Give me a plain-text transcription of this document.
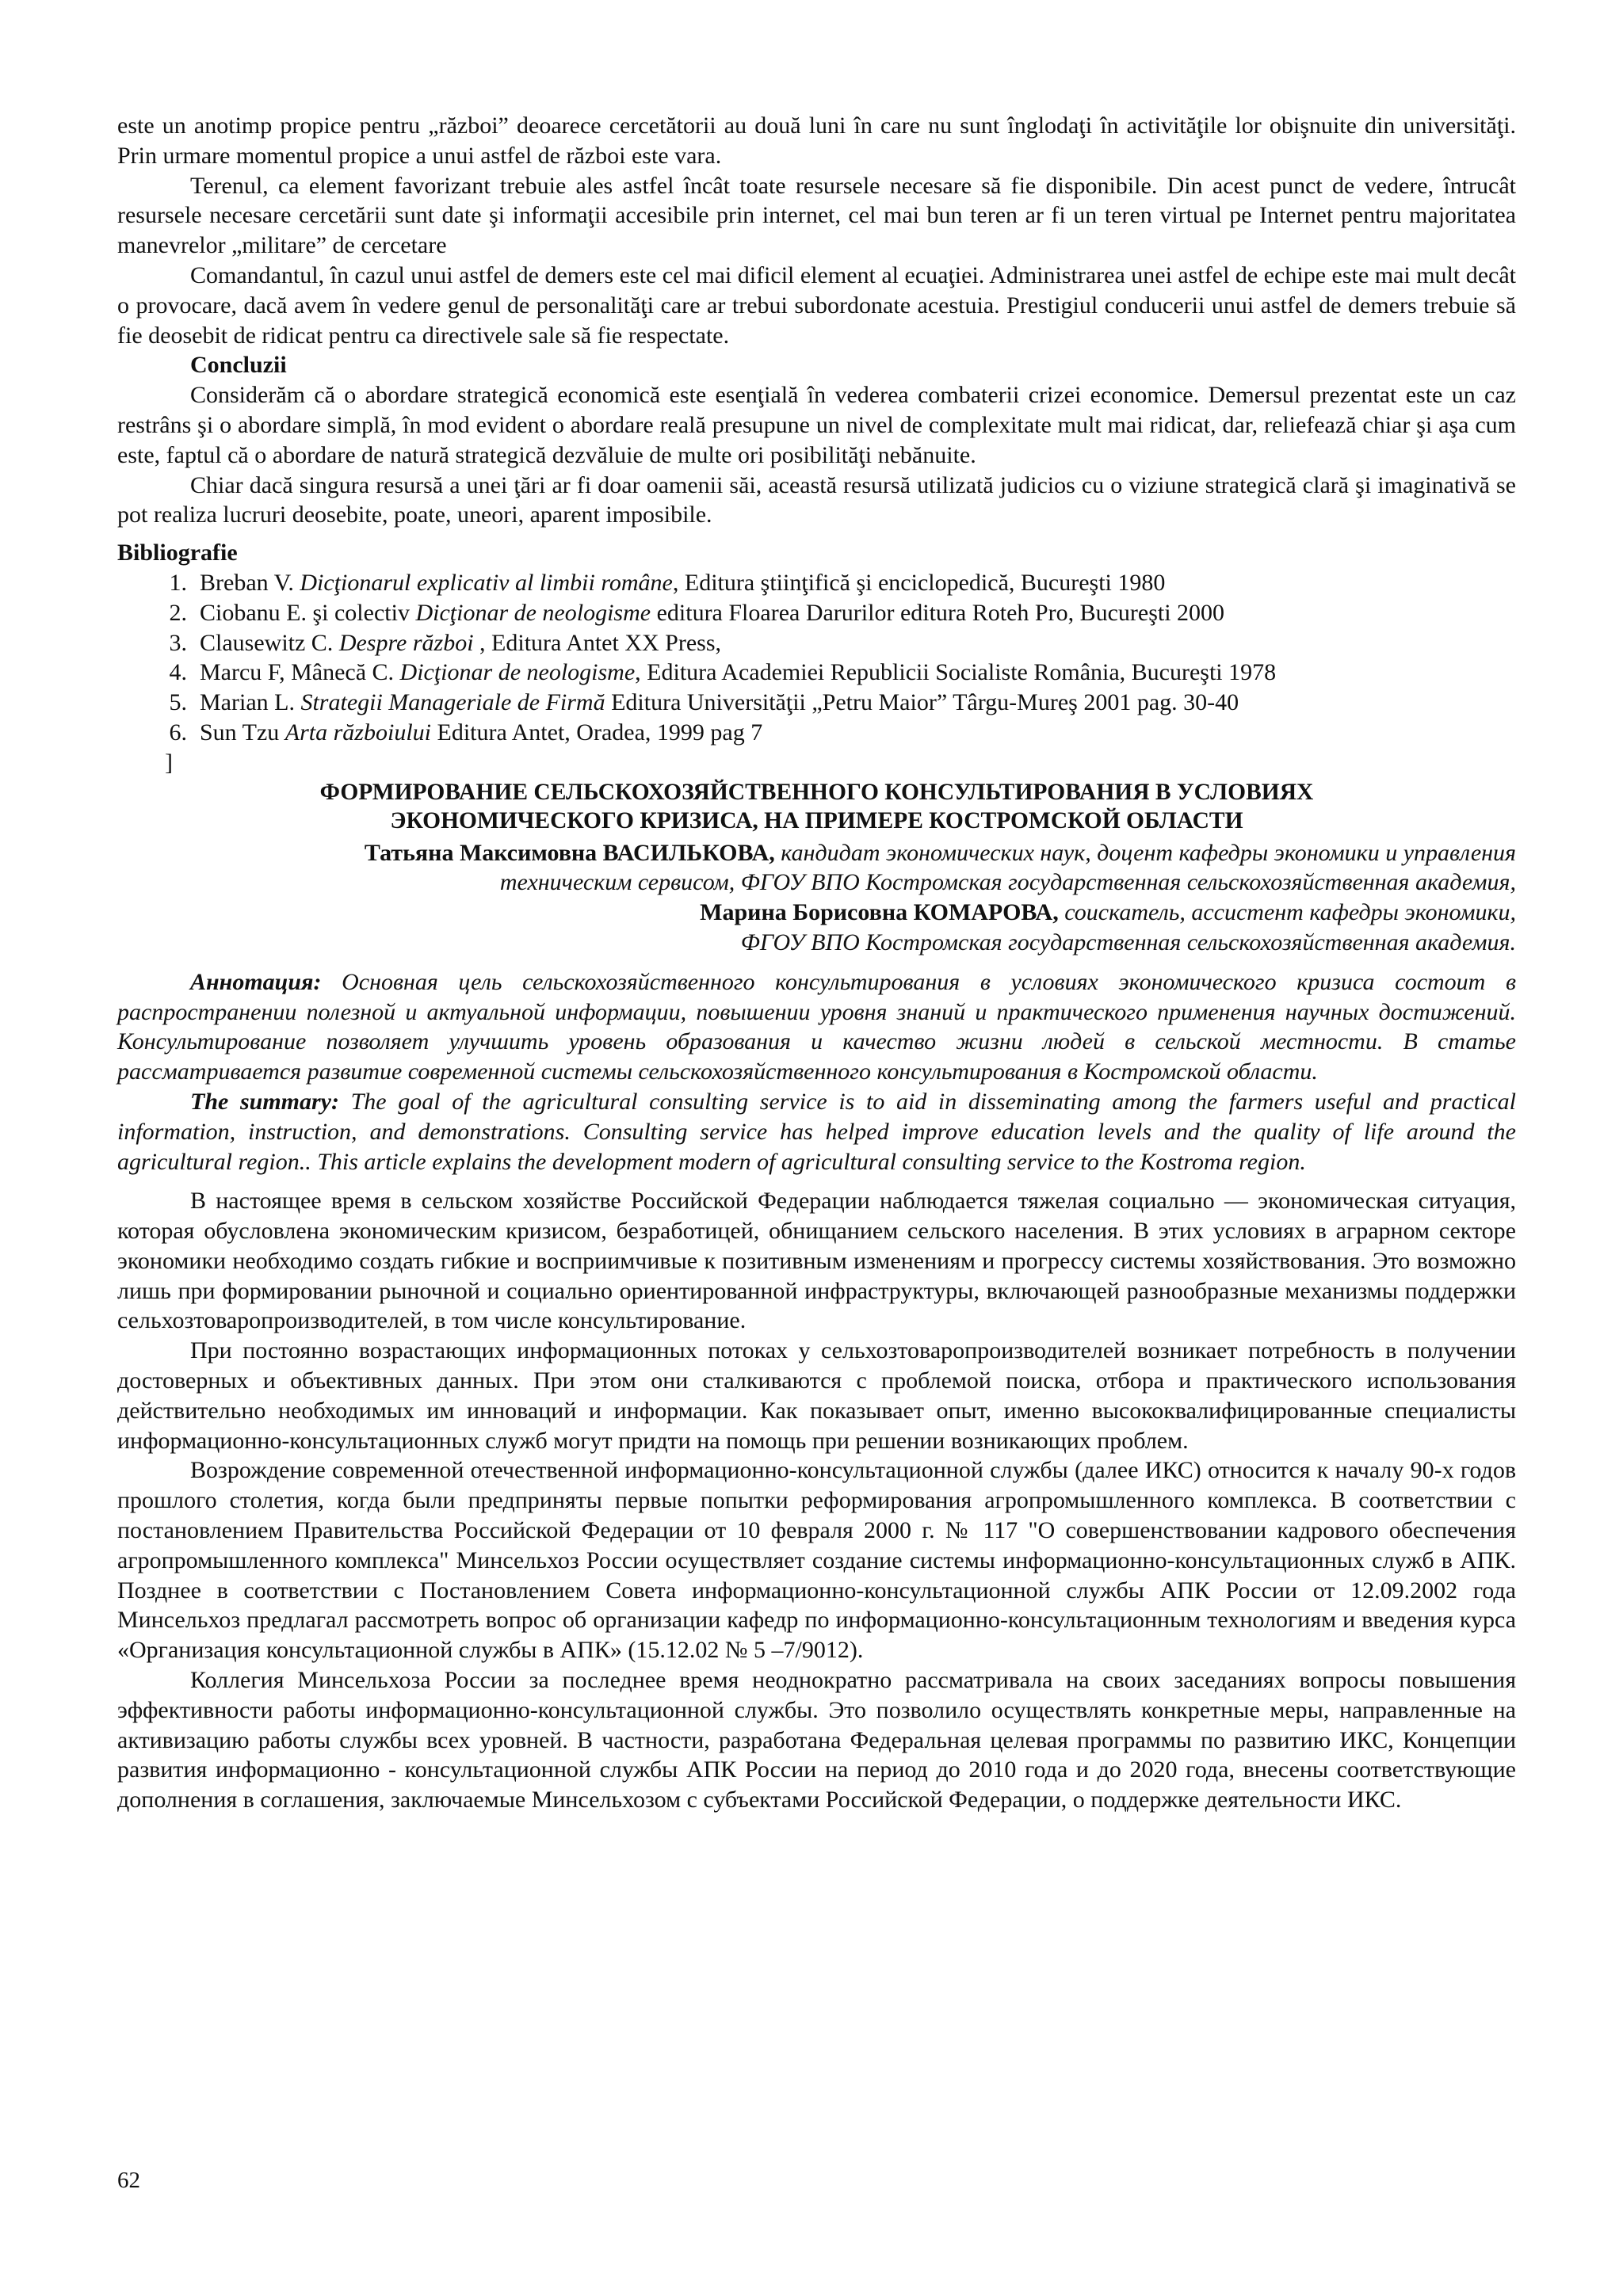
este un anotimp propice pentru „război” deoarece cercetătorii au două luni în care nu sunt înglodaţi în activităţile lor obişnuite din universităţi. Prin urmare momentul propice a unui astfel de război este vara.

Terenul, ca element favorizant trebuie ales astfel încât toate resursele necesare să fie disponibile. Din acest punct de vedere, întrucât resursele necesare cercetării sunt date şi informaţii accesibile prin internet, cel mai bun teren ar fi un teren virtual pe Internet pentru majoritatea manevrelor „militare” de cercetare

Comandantul, în cazul unui astfel de demers este cel mai dificil element al ecuaţiei. Administrarea unei astfel de echipe este mai mult decât o provocare, dacă avem în vedere genul de personalităţi care ar trebui subordonate acestuia. Prestigiul conducerii unui astfel de demers trebuie să fie deosebit de ridicat pentru ca directivele sale să fie respectate.

Concluzii

Considerăm că o abordare strategică economică este esenţială în vederea combaterii crizei economice. Demersul prezentat este un caz restrâns şi o abordare simplă, în mod evident o abordare reală presupune un nivel de complexitate mult mai ridicat, dar, reliefează chiar şi aşa cum este, faptul că o abordare de natură strategică dezvăluie de multe ori posibilităţi nebănuite.

Chiar dacă singura resursă a unei ţări ar fi doar oamenii săi, această resursă utilizată judicios cu o viziune strategică clară şi imaginativă se pot realiza lucruri deosebite, poate, uneori, aparent imposibile.

Bibliografie

1. Breban V. Dicţionarul explicativ al limbii române, Editura ştiinţifică şi enciclopedică, Bucureşti 1980
2. Ciobanu E. şi colectiv Dicţionar de neologisme editura Floarea Darurilor editura Roteh Pro, Bucureşti 2000
3. Clausewitz C. Despre război , Editura Antet XX Press,
4. Marcu F, Mânecă C. Dicţionar de neologisme, Editura Academiei Republicii Socialiste România, Bucureşti 1978
5. Marian L. Strategii Manageriale de Firmă Editura Universităţii „Petru Maior” Târgu-Mureş 2001 pag. 30-40
6. Sun Tzu Arta războiului Editura Antet, Oradea, 1999 pag 7

]

ФОРМИРОВАНИЕ СЕЛЬСКОХОЗЯЙСТВЕННОГО КОНСУЛЬТИРОВАНИЯ В УСЛОВИЯХ
ЭКОНОМИЧЕСКОГО КРИЗИСА, НА ПРИМЕРЕ КОСТРОМСКОЙ ОБЛАСТИ
Татьяна Максимовна ВАСИЛЬКОВА, кандидат экономических наук, доцент кафедры экономики и управления
техническим сервисом, ФГОУ ВПО Костромская государственная сельскохозяйственная академия,
Марина Борисовна КОМАРОВА, соискатель, ассистент кафедры экономики,
ФГОУ ВПО Костромская государственная сельскохозяйственная академия.

Аннотация: Основная цель сельскохозяйственного консультирования в условиях экономического кризиса состоит в распространении полезной и актуальной информации, повышении уровня знаний и практического применения научных достижений. Консультирование позволяет улучшить уровень образования и качество жизни людей в сельской местности. В статье рассматривается развитие современной системы сельскохозяйственного консультирования в Костромской области.

The summary: The goal of the agricultural consulting service is to aid in disseminating among the farmers useful and practical information, instruction, and demonstrations. Consulting service has helped improve education levels and the quality of life around the agricultural region.. This article explains the development modern of agricultural consulting service to the Kostroma region.

В настоящее время в сельском хозяйстве Российской Федерации наблюдается тяжелая социально — экономическая ситуация, которая обусловлена экономическим кризисом, безработицей, обнищанием сельского населения. В этих условиях в аграрном секторе экономики необходимо создать гибкие и восприимчивые к позитивным изменениям и прогрессу системы хозяйствования. Это возможно лишь при формировании рыночной и социально ориентированной инфраструктуры, включающей разнообразные механизмы поддержки сельхозтоваропроизводителей, в том числе консультирование.

При постоянно возрастающих информационных потоках у сельхозтоваропроизводителей возникает потребность в получении достоверных и объективных данных. При этом они сталкиваются с проблемой поиска, отбора и практического использования действительно необходимых им инноваций и информации. Как показывает опыт, именно высококвалифицированные специалисты информационно-консультационных служб могут придти на помощь при решении возникающих проблем.

Возрождение современной отечественной информационно-консультационной службы (далее ИКС) относится к началу 90-х годов прошлого столетия, когда были предприняты первые попытки реформирования агропромышленного комплекса. В соответствии с постановлением Правительства Российской Федерации от 10 февраля 2000 г. № 117 "О совершенствовании кадрового обеспечения агропромышленного комплекса" Минсельхоз России осуществляет создание системы информационно-консультационных служб в АПК. Позднее в соответствии с Постановлением Совета информационно-консультационной службы АПК России от 12.09.2002 года Минсельхоз предлагал рассмотреть вопрос об организации кафедр по информационно-консультационным технологиям и введения курса «Организация консультационной службы в АПК» (15.12.02 № 5 –7/9012).

Коллегия Минсельхоза России за последнее время неоднократно рассматривала на своих заседаниях вопросы повышения эффективности работы информационно-консультационной службы. Это позволило осуществлять конкретные меры, направленные на активизацию работы службы всех уровней. В частности, разработана Федеральная целевая программы по развитию ИКС, Концепции развития информационно - консультационной службы АПК России на период до 2010 года и до 2020 года, внесены соответствующие дополнения в соглашения, заключаемые Минсельхозом с субъектами Российской Федерации, о поддержке деятельности ИКС.

62
